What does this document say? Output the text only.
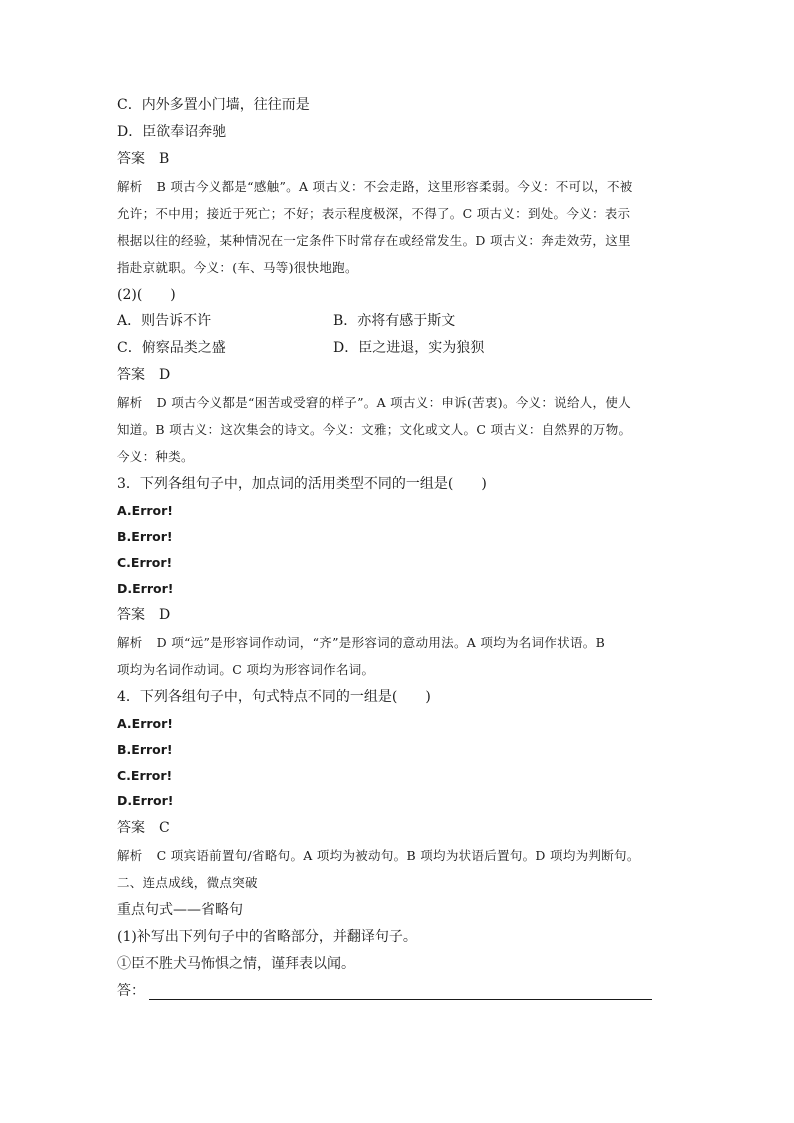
C．内外多置小门墙，往往而是
D．臣欲奉诏奔驰
答案 B
解析 B 项古今义都是“感触”。A 项古义：不会走路，这里形容柔弱。今义：不可以，不被
允许；不中用；接近于死亡；不好；表示程度极深，不得了。C 项古义：到处。今义：表示
根据以往的经验，某种情况在一定条件下时常存在或经常发生。D 项古义：奔走效劳，这里
指赴京就职。今义：(车、马等)很快地跑。
(2)(　　)
A．则告诉不许	B．亦将有感于斯文
C．俯察品类之盛	D．臣之进退，实为狼狈
答案 D
解析 D 项古今义都是“困苦或受窘的样子”。A 项古义：申诉(苦衷)。今义：说给人，使人
知道。B 项古义：这次集会的诗文。今义：文雅；文化或文人。C 项古义：自然界的万物。
今义：种类。
3．下列各组句子中，加点词的活用类型不同的一组是(　　)
A.Error!
B.Error!
C.Error!
D.Error!
答案 D
解析 D 项“远”是形容词作动词，“齐”是形容词的意动用法。A 项均为名词作状语。B
项均为名词作动词。C 项均为形容词作名词。
4．下列各组句子中，句式特点不同的一组是(　　)
A.Error!
B.Error!
C.Error!
D.Error!
答案 C
解析 C 项宾语前置句/省略句。A 项均为被动句。B 项均为状语后置句。D 项均为判断句。
二、连点成线，微点突破
重点句式——省略句
(1)补写出下列句子中的省略部分，并翻译句子。
①臣不胜犬马怖惧之情，谨拜表以闻。
答：
